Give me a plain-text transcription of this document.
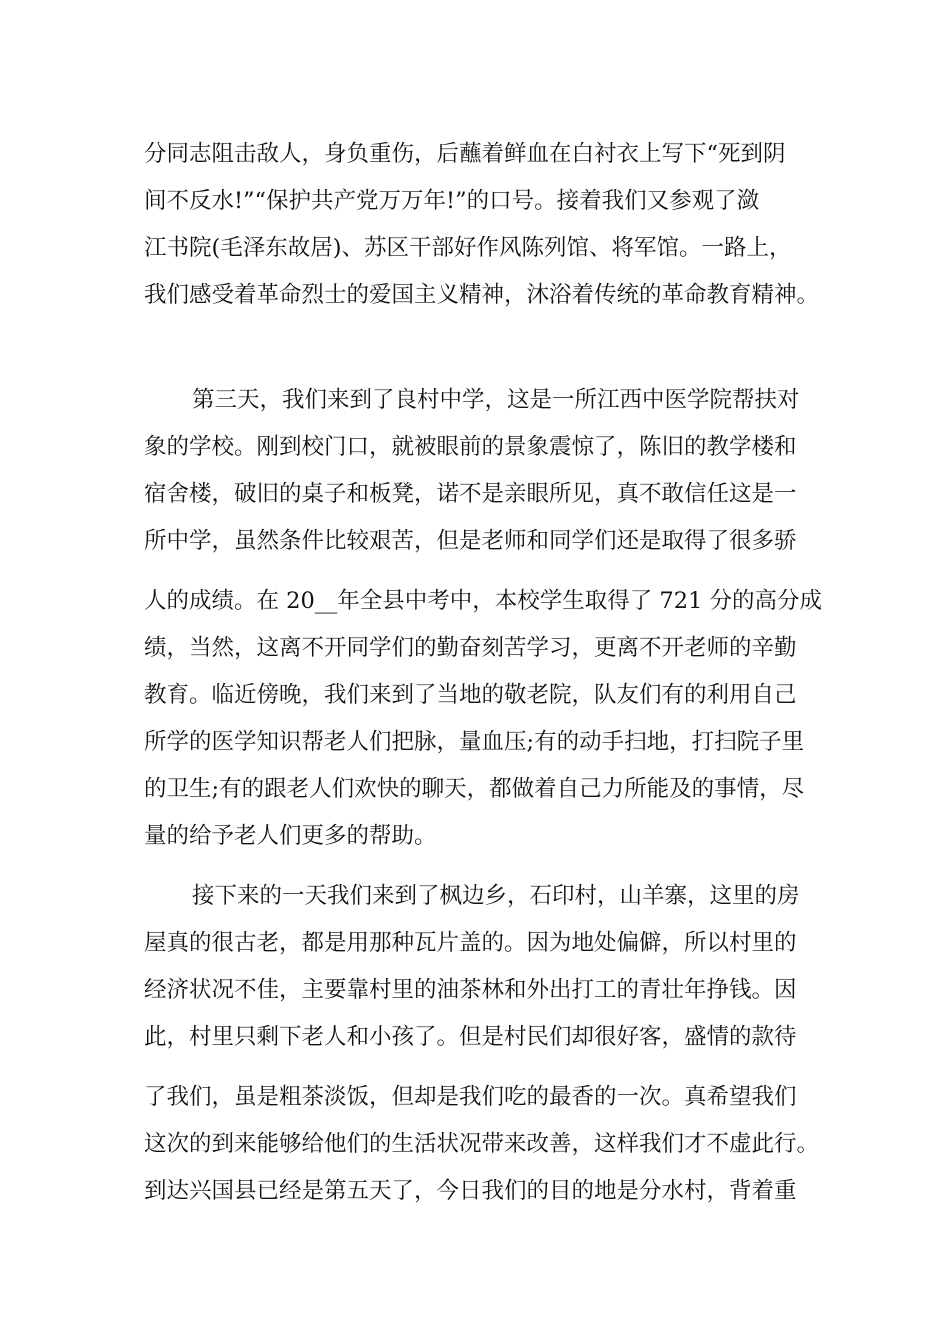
分同志阻击敌人，身负重伤，后蘸着鲜血在白衬衣上写下“死到阴
间不反水!”“保护共产党万万年!”的口号。接着我们又参观了潋
江书院(毛泽东故居)、苏区干部好作风陈列馆、将军馆。一路上，
我们感受着革命烈士的爱国主义精神，沐浴着传统的革命教育精神。
第三天，我们来到了良村中学，这是一所江西中医学院帮扶对
象的学校。刚到校门口，就被眼前的景象震惊了，陈旧的教学楼和
宿舍楼，破旧的桌子和板凳，诺不是亲眼所见，真不敢信任这是一
所中学，虽然条件比较艰苦，但是老师和同学们还是取得了很多骄
人的成绩。在 20__年全县中考中，本校学生取得了 721 分的高分成
绩，当然，这离不开同学们的勤奋刻苦学习，更离不开老师的辛勤
教育。临近傍晚，我们来到了当地的敬老院，队友们有的利用自己
所学的医学知识帮老人们把脉，量血压;有的动手扫地，打扫院子里
的卫生;有的跟老人们欢快的聊天，都做着自己力所能及的事情，尽
量的给予老人们更多的帮助。
接下来的一天我们来到了枫边乡，石印村，山羊寨，这里的房
屋真的很古老，都是用那种瓦片盖的。因为地处偏僻，所以村里的
经济状况不佳，主要靠村里的油茶林和外出打工的青壮年挣钱。因
此，村里只剩下老人和小孩了。但是村民们却很好客，盛情的款待
了我们，虽是粗茶淡饭，但却是我们吃的最香的一次。真希望我们
这次的到来能够给他们的生活状况带来改善，这样我们才不虚此行。
到达兴国县已经是第五天了，今日我们的目的地是分水村，背着重
